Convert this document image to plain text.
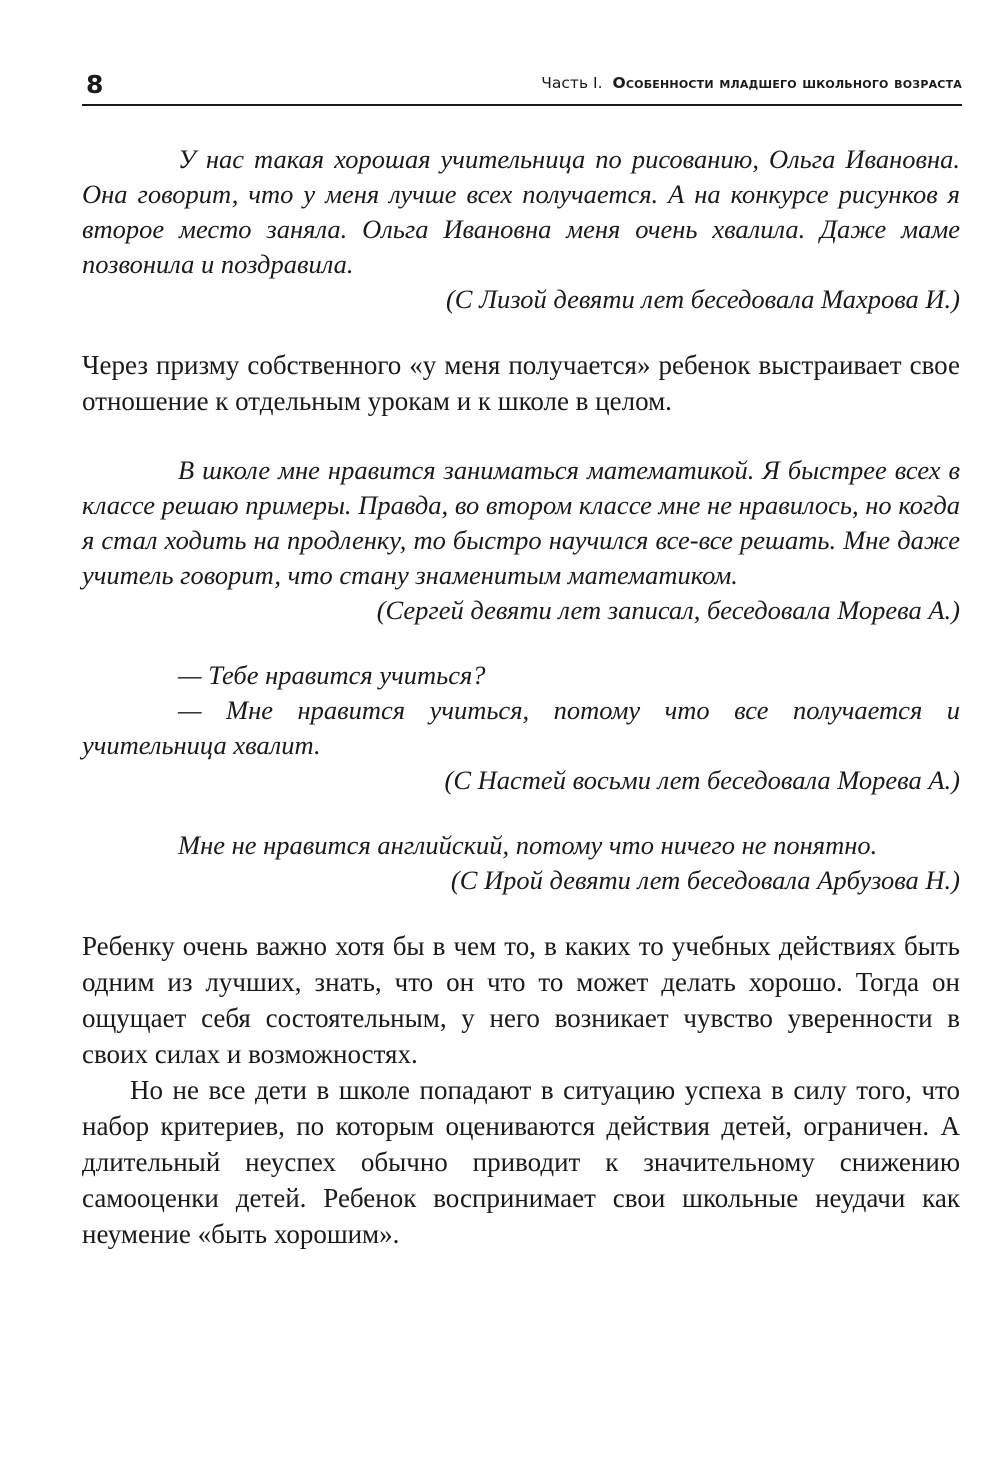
8	Часть I. Особенности младшего школьного возраста

У нас такая хорошая учительница по рисованию, Ольга Ивановна. Она говорит, что у меня лучше всех получается. А на конкурсе рисунков я второе место заняла. Ольга Ивановна меня очень хвалила. Даже маме позвонила и поздравила.

(С Лизой девяти лет беседовала Махрова И.)

Через призму собственного «у меня получается» ребенок выстраивает свое отношение к отдельным урокам и к школе в целом.

В школе мне нравится заниматься математикой. Я быстрее всех в классе решаю примеры. Правда, во втором классе мне не нравилось, но когда я стал ходить на продленку, то быстро научился все-все решать. Мне даже учитель говорит, что стану знаменитым математиком.

(Сергей девяти лет записал, беседовала Морева А.)

— Тебе нравится учиться?

— Мне нравится учиться, потому что все получается и учительница хвалит.

(С Настей восьми лет беседовала Морева А.)

Мне не нравится английский, потому что ничего не понятно.

(С Ирой девяти лет беседовала Арбузова Н.)

Ребенку очень важно хотя бы в чем то, в каких то учебных действиях быть одним из лучших, знать, что он что то может делать хорошо. Тогда он ощущает себя состоятельным, у него возникает чувство уверенности в своих силах и возможностях.

Но не все дети в школе попадают в ситуацию успеха в силу того, что набор критериев, по которым оцениваются действия детей, ограничен. А длительный неуспех обычно приводит к значительному снижению самооценки детей. Ребенок воспринимает свои школьные неудачи как неумение «быть хорошим».
